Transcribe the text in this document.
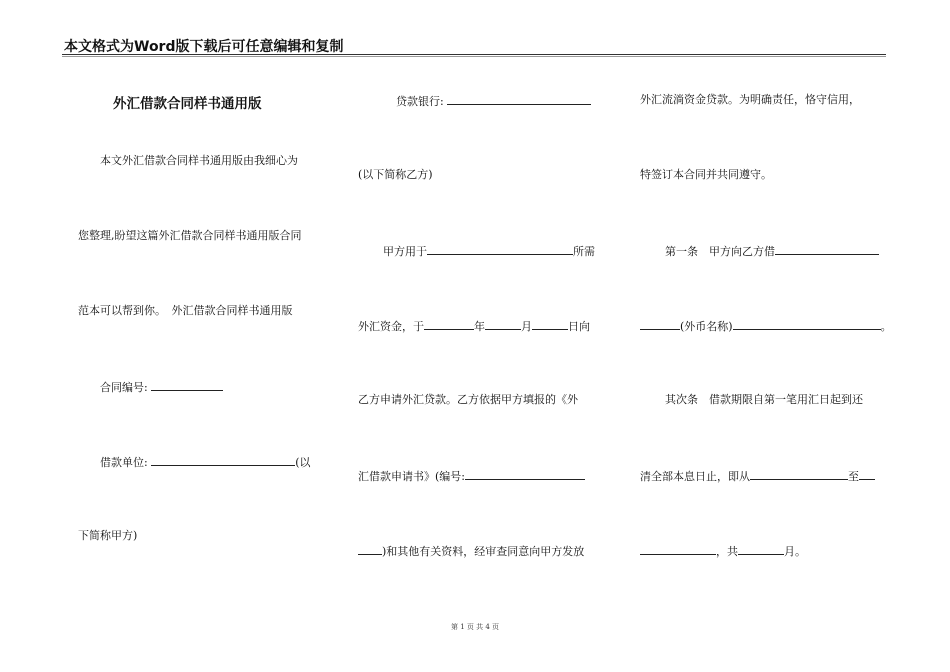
本文格式为Word版下载后可任意编辑和复制
外汇借款合同样书通用版
本文外汇借款合同样书通用版由我细心为
您整理,盼望这篇外汇借款合同样书通用版合同
范本可以帮到你。　外汇借款合同样书通用版
合同编号:
借款单位:	(以
下简称甲方)
贷款银行:
(以下简称乙方)
甲方用于	所需
外汇资金，于	年	月	日向
乙方申请外汇贷款。乙方依据甲方填报的《外
汇借款申请书》(编号:
)和其他有关资料，经审查同意向甲方发放
外汇流淌资金贷款。为明确责任，恪守信用，
特签订本合同并共同遵守。
第一条　甲方向乙方借
(外币名称)	。
其次条　借款期限自第一笔用汇日起到还
清全部本息日止，即从	至
，共	月。
第 1 页 共 4 页
